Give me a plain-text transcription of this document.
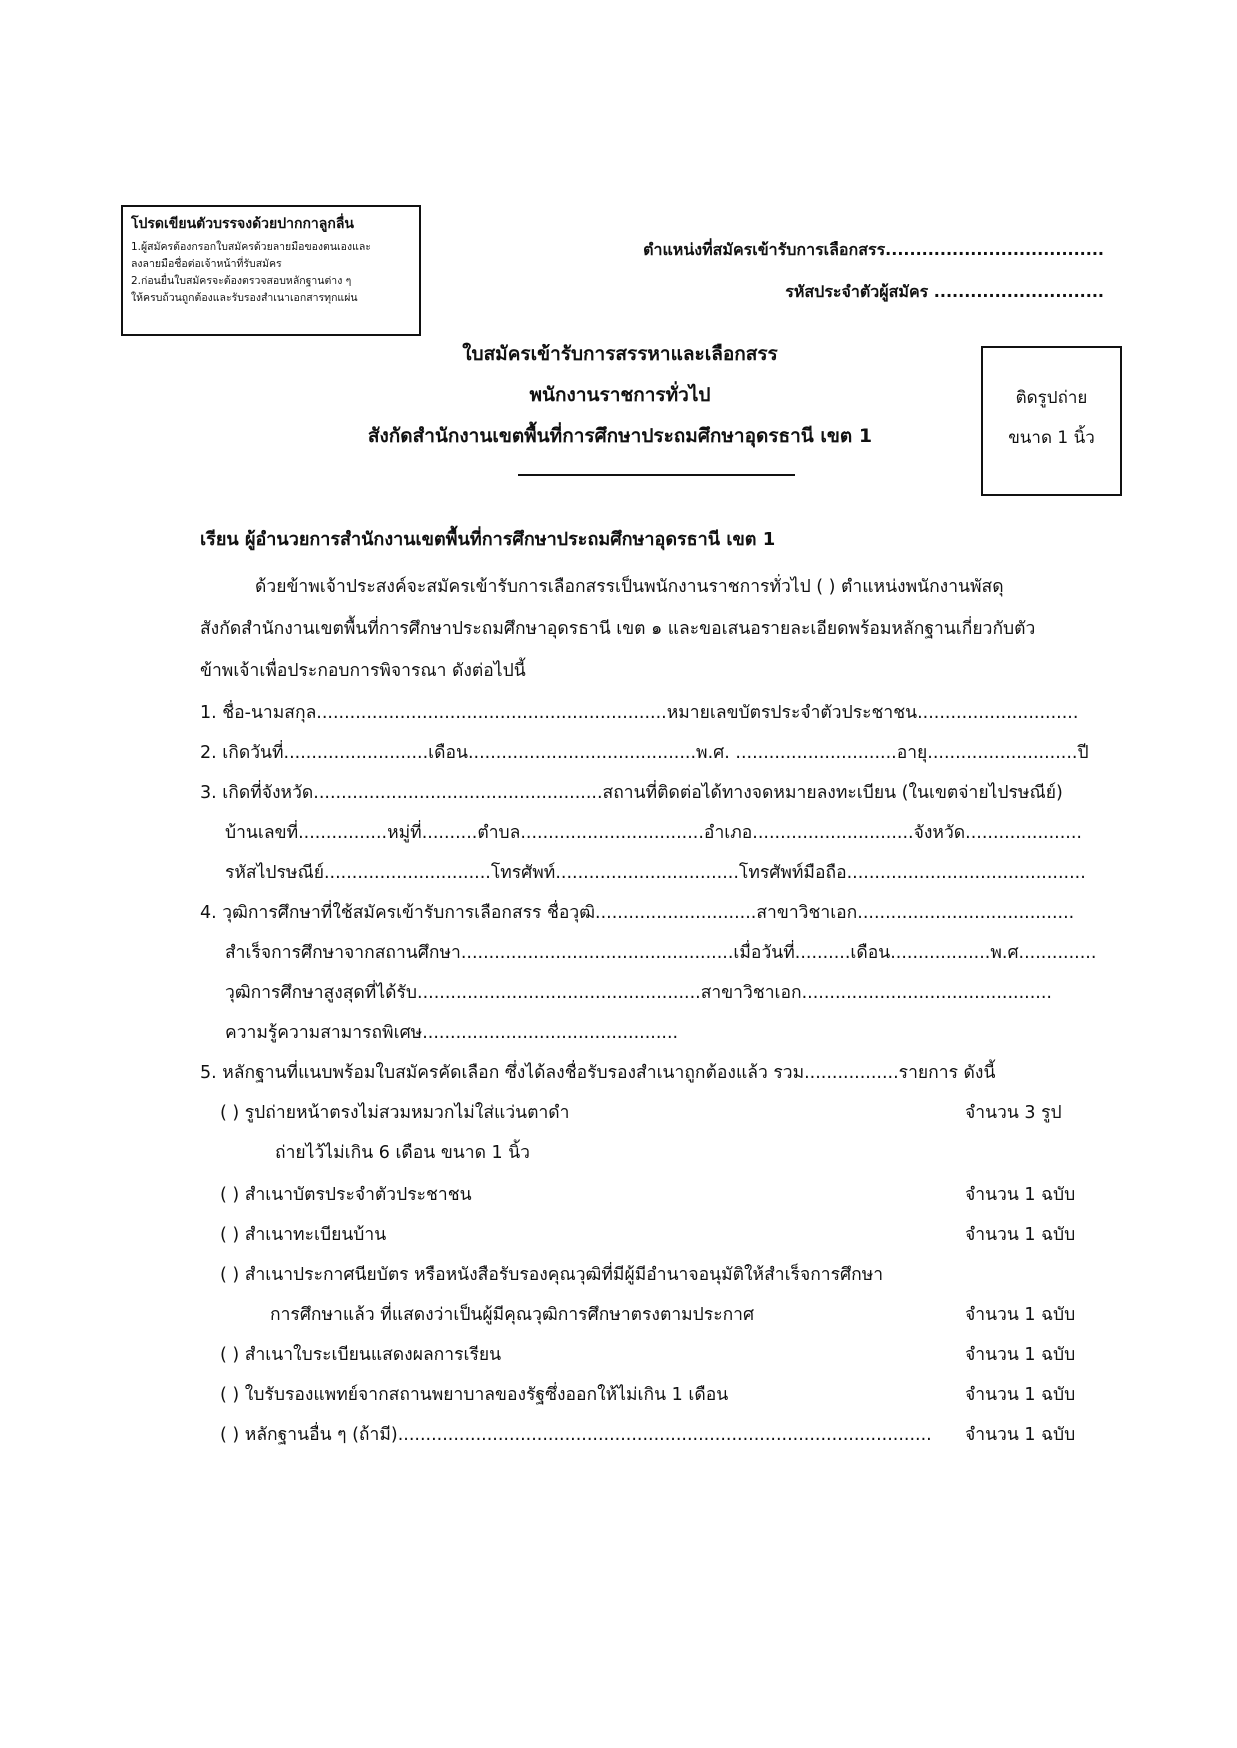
โปรดเขียนตัวบรรจงด้วยปากกาลูกลื่น
1.ผู้สมัครต้องกรอกใบสมัครด้วยลายมือของตนเองและ
ลงลายมือชื่อต่อเจ้าหน้าที่รับสมัคร
2.ก่อนยื่นใบสมัครจะต้องตรวจสอบหลักฐานต่าง ๆ
ให้ครบถ้วนถูกต้องและรับรองสำเนาเอกสารทุกแผ่น
ตำแหน่งที่สมัครเข้ารับการเลือกสรร....................................
รหัสประจำตัวผู้สมัคร ............................
ใบสมัครเข้ารับการสรรหาและเลือกสรร
พนักงานราชการทั่วไป
สังกัดสำนักงานเขตพื้นที่การศึกษาประถมศึกษาอุดรธานี เขต 1
ติดรูปถ่าย
ขนาด 1 นิ้ว
เรียน ผู้อำนวยการสำนักงานเขตพื้นที่การศึกษาประถมศึกษาอุดรธานี เขต 1
ด้วยข้าพเจ้าประสงค์จะสมัครเข้ารับการเลือกสรรเป็นพนักงานราชการทั่วไป ( ) ตำแหน่งพนักงานพัสดุ
สังกัดสำนักงานเขตพื้นที่การศึกษาประถมศึกษาอุดรธานี เขต ๑ และขอเสนอรายละเอียดพร้อมหลักฐานเกี่ยวกับตัว
ข้าพเจ้าเพื่อประกอบการพิจารณา ดังต่อไปนี้
1. ชื่อ-นามสกุล...............................................................หมายเลขบัตรประจำตัวประชาชน.............................
2. เกิดวันที่..........................เดือน.........................................พ.ศ. .............................อายุ...........................ปี
3. เกิดที่จังหวัด....................................................สถานที่ติดต่อได้ทางจดหมายลงทะเบียน (ในเขตจ่ายไปรษณีย์)
บ้านเลขที่................หมู่ที่..........ตำบล.................................อำเภอ.............................จังหวัด.....................
รหัสไปรษณีย์..............................โทรศัพท์.................................โทรศัพท์มือถือ...........................................
4. วุฒิการศึกษาที่ใช้สมัครเข้ารับการเลือกสรร ชื่อวุฒิ.............................สาขาวิชาเอก.......................................
สำเร็จการศึกษาจากสถานศึกษา.................................................เมื่อวันที่..........เดือน..................พ.ศ..............
วุฒิการศึกษาสูงสุดที่ได้รับ...................................................สาขาวิชาเอก.............................................
ความรู้ความสามารถพิเศษ..............................................
5. หลักฐานที่แนบพร้อมใบสมัครคัดเลือก ซึ่งได้ลงชื่อรับรองสำเนาถูกต้องแล้ว รวม.................รายการ ดังนี้
( ) รูปถ่ายหน้าตรงไม่สวมหมวกไม่ใส่แว่นตาดำ	จำนวน 3 รูป
ถ่ายไว้ไม่เกิน 6 เดือน ขนาด 1 นิ้ว
( ) สำเนาบัตรประจำตัวประชาชน	จำนวน 1 ฉบับ
( ) สำเนาทะเบียนบ้าน	จำนวน 1 ฉบับ
( ) สำเนาประกาศนียบัตร หรือหนังสือรับรองคุณวุฒิที่มีผู้มีอำนาจอนุมัติให้สำเร็จการศึกษา
การศึกษาแล้ว ที่แสดงว่าเป็นผู้มีคุณวุฒิการศึกษาตรงตามประกาศ	จำนวน 1 ฉบับ
( ) สำเนาใบระเบียนแสดงผลการเรียน	จำนวน 1 ฉบับ
( ) ใบรับรองแพทย์จากสถานพยาบาลของรัฐซึ่งออกให้ไม่เกิน 1 เดือน	จำนวน 1 ฉบับ
( ) หลักฐานอื่น ๆ (ถ้ามี)................................................................................................	จำนวน 1 ฉบับ
